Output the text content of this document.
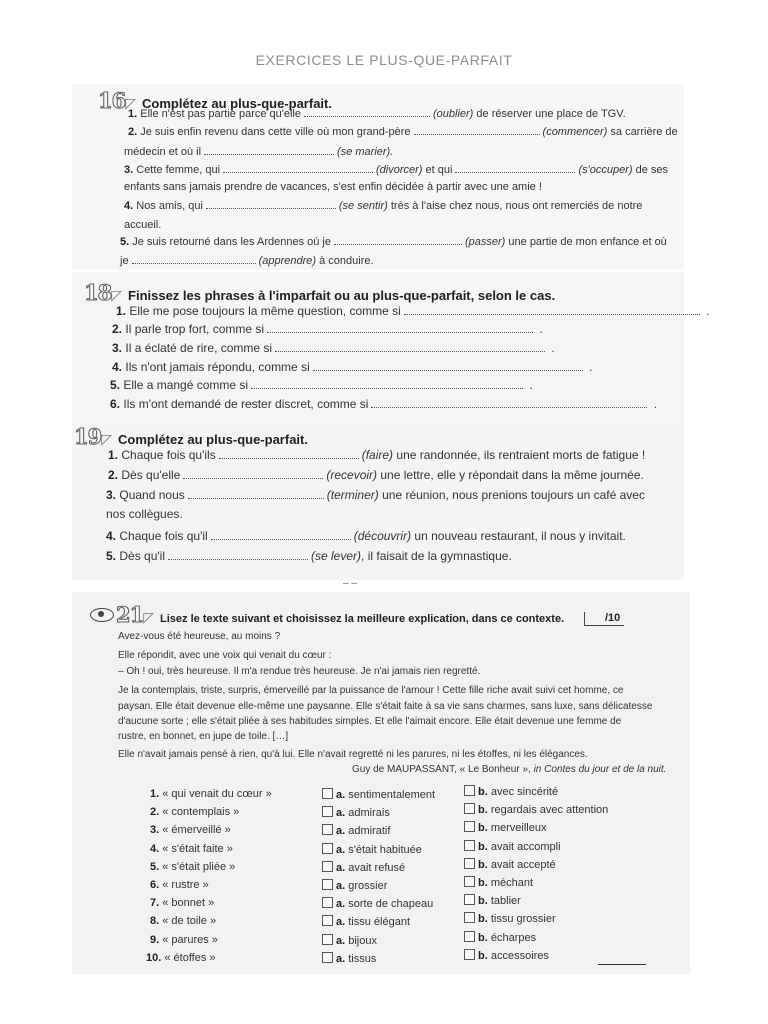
EXERCICES LE PLUS-QUE-PARFAIT
16 ◸ Complétez au plus-que-parfait.
1. Elle n'est pas partie parce qu'elle	(oublier) de réserver une place de TGV.
2. Je suis enfin revenu dans cette ville où mon grand-père	(commencer) sa carrière de
médecin et où il	(se marier).
3. Cette femme, qui	(divorcer) et qui	(s'occuper) de ses
enfants sans jamais prendre de vacances, s'est enfin décidée à partir avec une amie !
4. Nos amis, qui	(se sentir) très à l'aise chez nous, nous ont remerciés de notre
accueil.
5. Je suis retourné dans les Ardennes où je	(passer) une partie de mon enfance et où
je	(apprendre) à conduire.
18 ◸ Finissez les phrases à l'imparfait ou au plus-que-parfait, selon le cas.
1. Elle me pose toujours la même question, comme si	.
2. Il parle trop fort, comme si	.
3. Il a éclaté de rire, comme si	.
4. Ils n'ont jamais répondu, comme si	.
5. Elle a mangé comme si	.
6. Ils m'ont demandé de rester discret, comme si	.
19 ◸ Complétez au plus-que-parfait.
1. Chaque fois qu'ils	(faire) une randonnée, ils rentraient morts de fatigue !
2. Dès qu'elle	(recevoir) une lettre, elle y répondait dans la même journée.
3. Quand nous	(terminer) une réunion, nous prenions toujours un café avec
nos collègues.
4. Chaque fois qu'il	(découvrir) un nouveau restaurant, il nous y invitait.
5. Dès qu'il	(se lever), il faisait de la gymnastique.
– –
21 ◸ Lisez le texte suivant et choisissez la meilleure explication, dans ce contexte.	/10
Avez-vous été heureuse, au moins ?
Elle répondit, avec une voix qui venait du cœur :
– Oh ! oui, très heureuse. Il m'a rendue très heureuse. Je n'ai jamais rien regretté.
Je la contemplais, triste, surpris, émerveillé par la puissance de l'amour ! Cette fille riche avait suivi cet homme, ce
paysan. Elle était devenue elle-même une paysanne. Elle s'était faite à sa vie sans charmes, sans luxe, sans délicatesse
d'aucune sorte ; elle s'était pliée à ses habitudes simples. Et elle l'aimait encore. Elle était devenue une femme de
rustre, en bonnet, en jupe de toile. […]
Elle n'avait jamais pensé à rien, qu'à lui. Elle n'avait regretté ni les parures, ni les étoffes, ni les élégances.
Guy de MAUPASSANT, « Le Bonheur », in Contes du jour et de la nuit.
1. « qui venait du cœur »	a. sentimentalement	b. avec sincérité
2. « contemplais »	a. admirais	b. regardais avec attention
3. « émerveillé »	a. admiratif	b. merveilleux
4. « s'était faite »	a. s'était habituée	b. avait accompli
5. « s'était pliée »	a. avait refusé	b. avait accepté
6. « rustre »	a. grossier	b. méchant
7. « bonnet »	a. sorte de chapeau	b. tablier
8. « de toile »	a. tissu élégant	b. tissu grossier
9. « parures »	a. bijoux	b. écharpes
10. « étoffes »	a. tissus	b. accessoires
